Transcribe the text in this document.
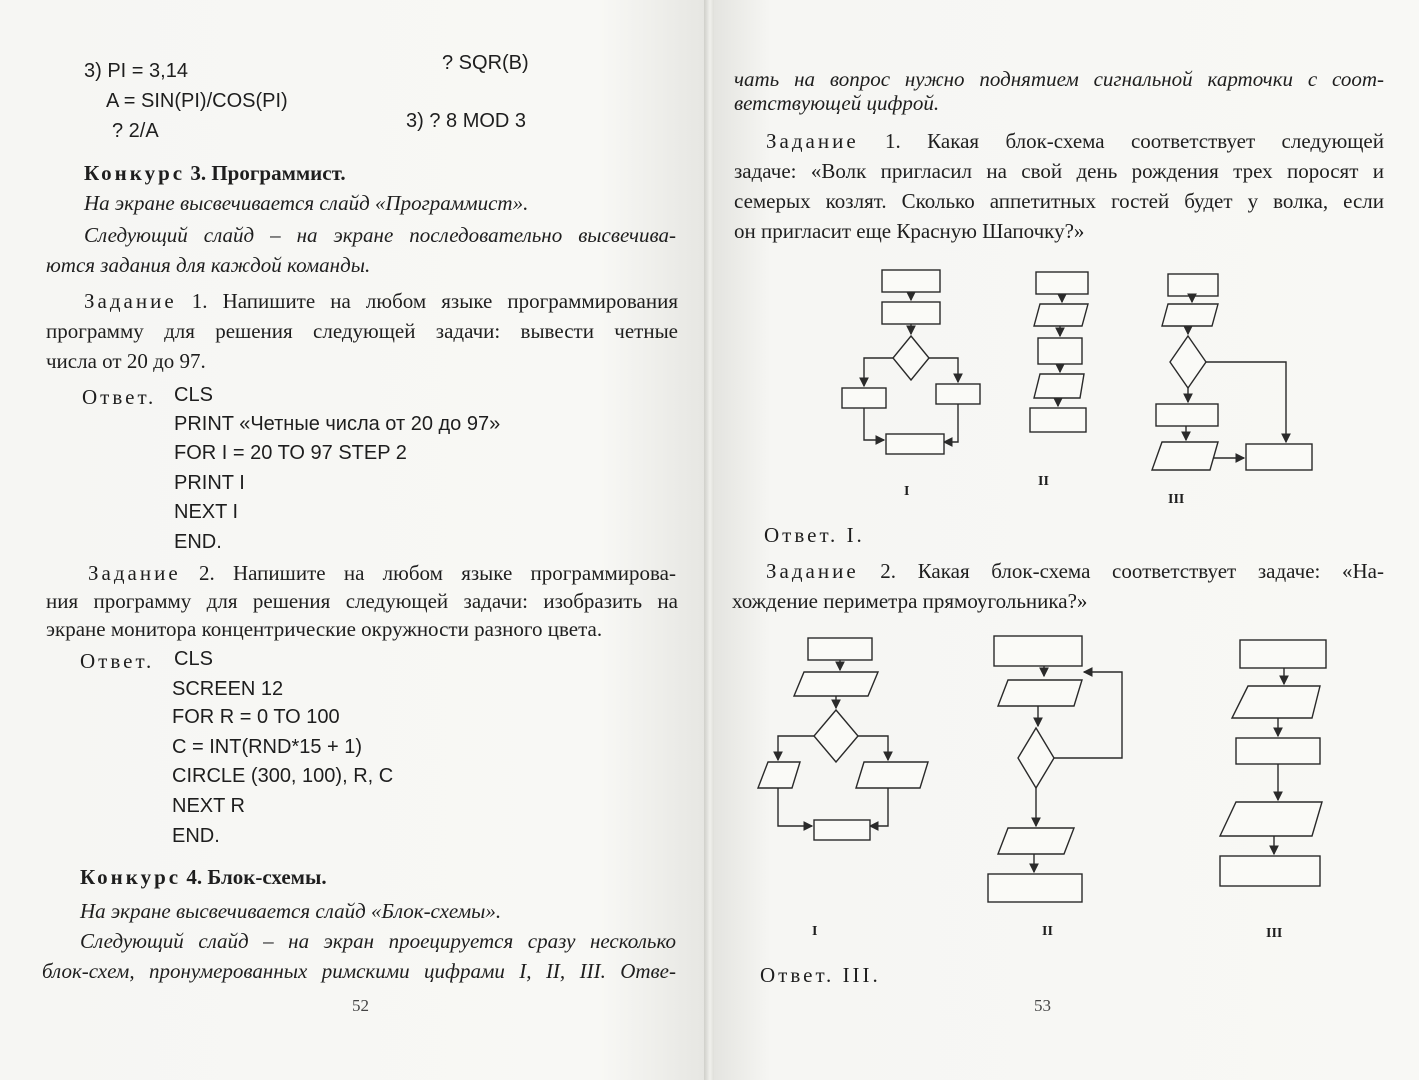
3) PI = 3,14
A = SIN(PI)/COS(PI)
? 2/A
? SQR(B)
3) ? 8 MOD 3
Конкурс 3. Программист.
На экране высвечивается слайд «Программист».
Следующий слайд – на экране последовательно высвечива-
ются задания для каждой команды.
Задание 1. Напишите на любом языке программирования
программу для решения следующей задачи: вывести четные
числа от 20 до 97.
Ответ. CLS
PRINT «Четные числа от 20 до 97»
FOR I = 20 TO 97 STEP 2
PRINT I
NEXT I
END.
Задание 2. Напишите на любом языке программирова-
ния программу для решения следующей задачи: изобразить на
экране монитора концентрические окружности разного цвета.
Ответ. CLS
SCREEN 12
FOR R = 0 TO 100
C = INT(RND*15 + 1)
CIRCLE (300, 100), R, C
NEXT R
END.
Конкурс 4. Блок-схемы.
На экране высвечивается слайд «Блок-схемы».
Следующий слайд – на экран проецируется сразу несколько
блок-схем, пронумерованных римскими цифрами I, II, III. Отве-
52
чать на вопрос нужно поднятием сигнальной карточки с соот-
ветствующей цифрой.
Задание 1. Какая блок-схема соответствует следующей
задаче: «Волк пригласил на свой день рождения трех поросят и
семерых козлят. Сколько аппетитных гостей будет у волка, если
он пригласит еще Красную Шапочку?»
I
II
III
Ответ. I.
Задание 2. Какая блок-схема соответствует задаче: «На-
хождение периметра прямоугольника?»
I	II	III
Ответ. III.
53
